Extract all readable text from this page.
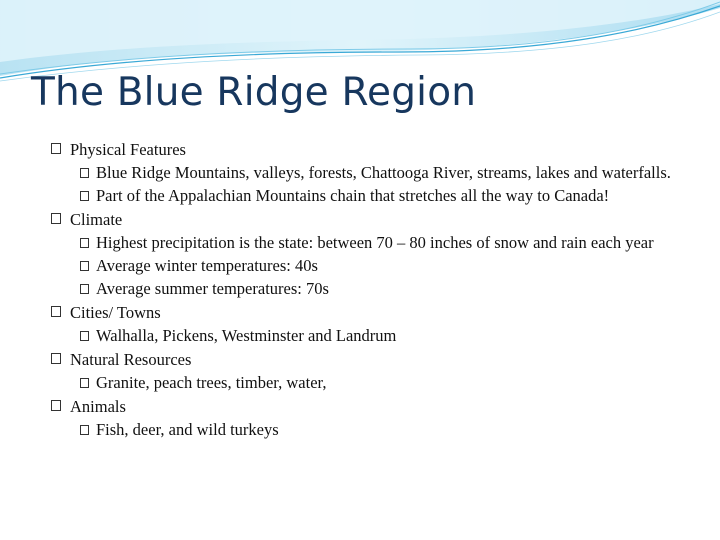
The Blue Ridge Region
Physical Features
Blue Ridge Mountains, valleys, forests, Chattooga River, streams, lakes and waterfalls.
Part of the Appalachian Mountains chain that stretches all the way to Canada!
Climate
Highest precipitation is the state: between 70 – 80 inches of snow and rain each year
Average winter temperatures: 40s
Average summer temperatures: 70s
Cities/ Towns
Walhalla, Pickens, Westminster and Landrum
Natural Resources
Granite, peach trees, timber, water,
Animals
Fish, deer, and wild turkeys
